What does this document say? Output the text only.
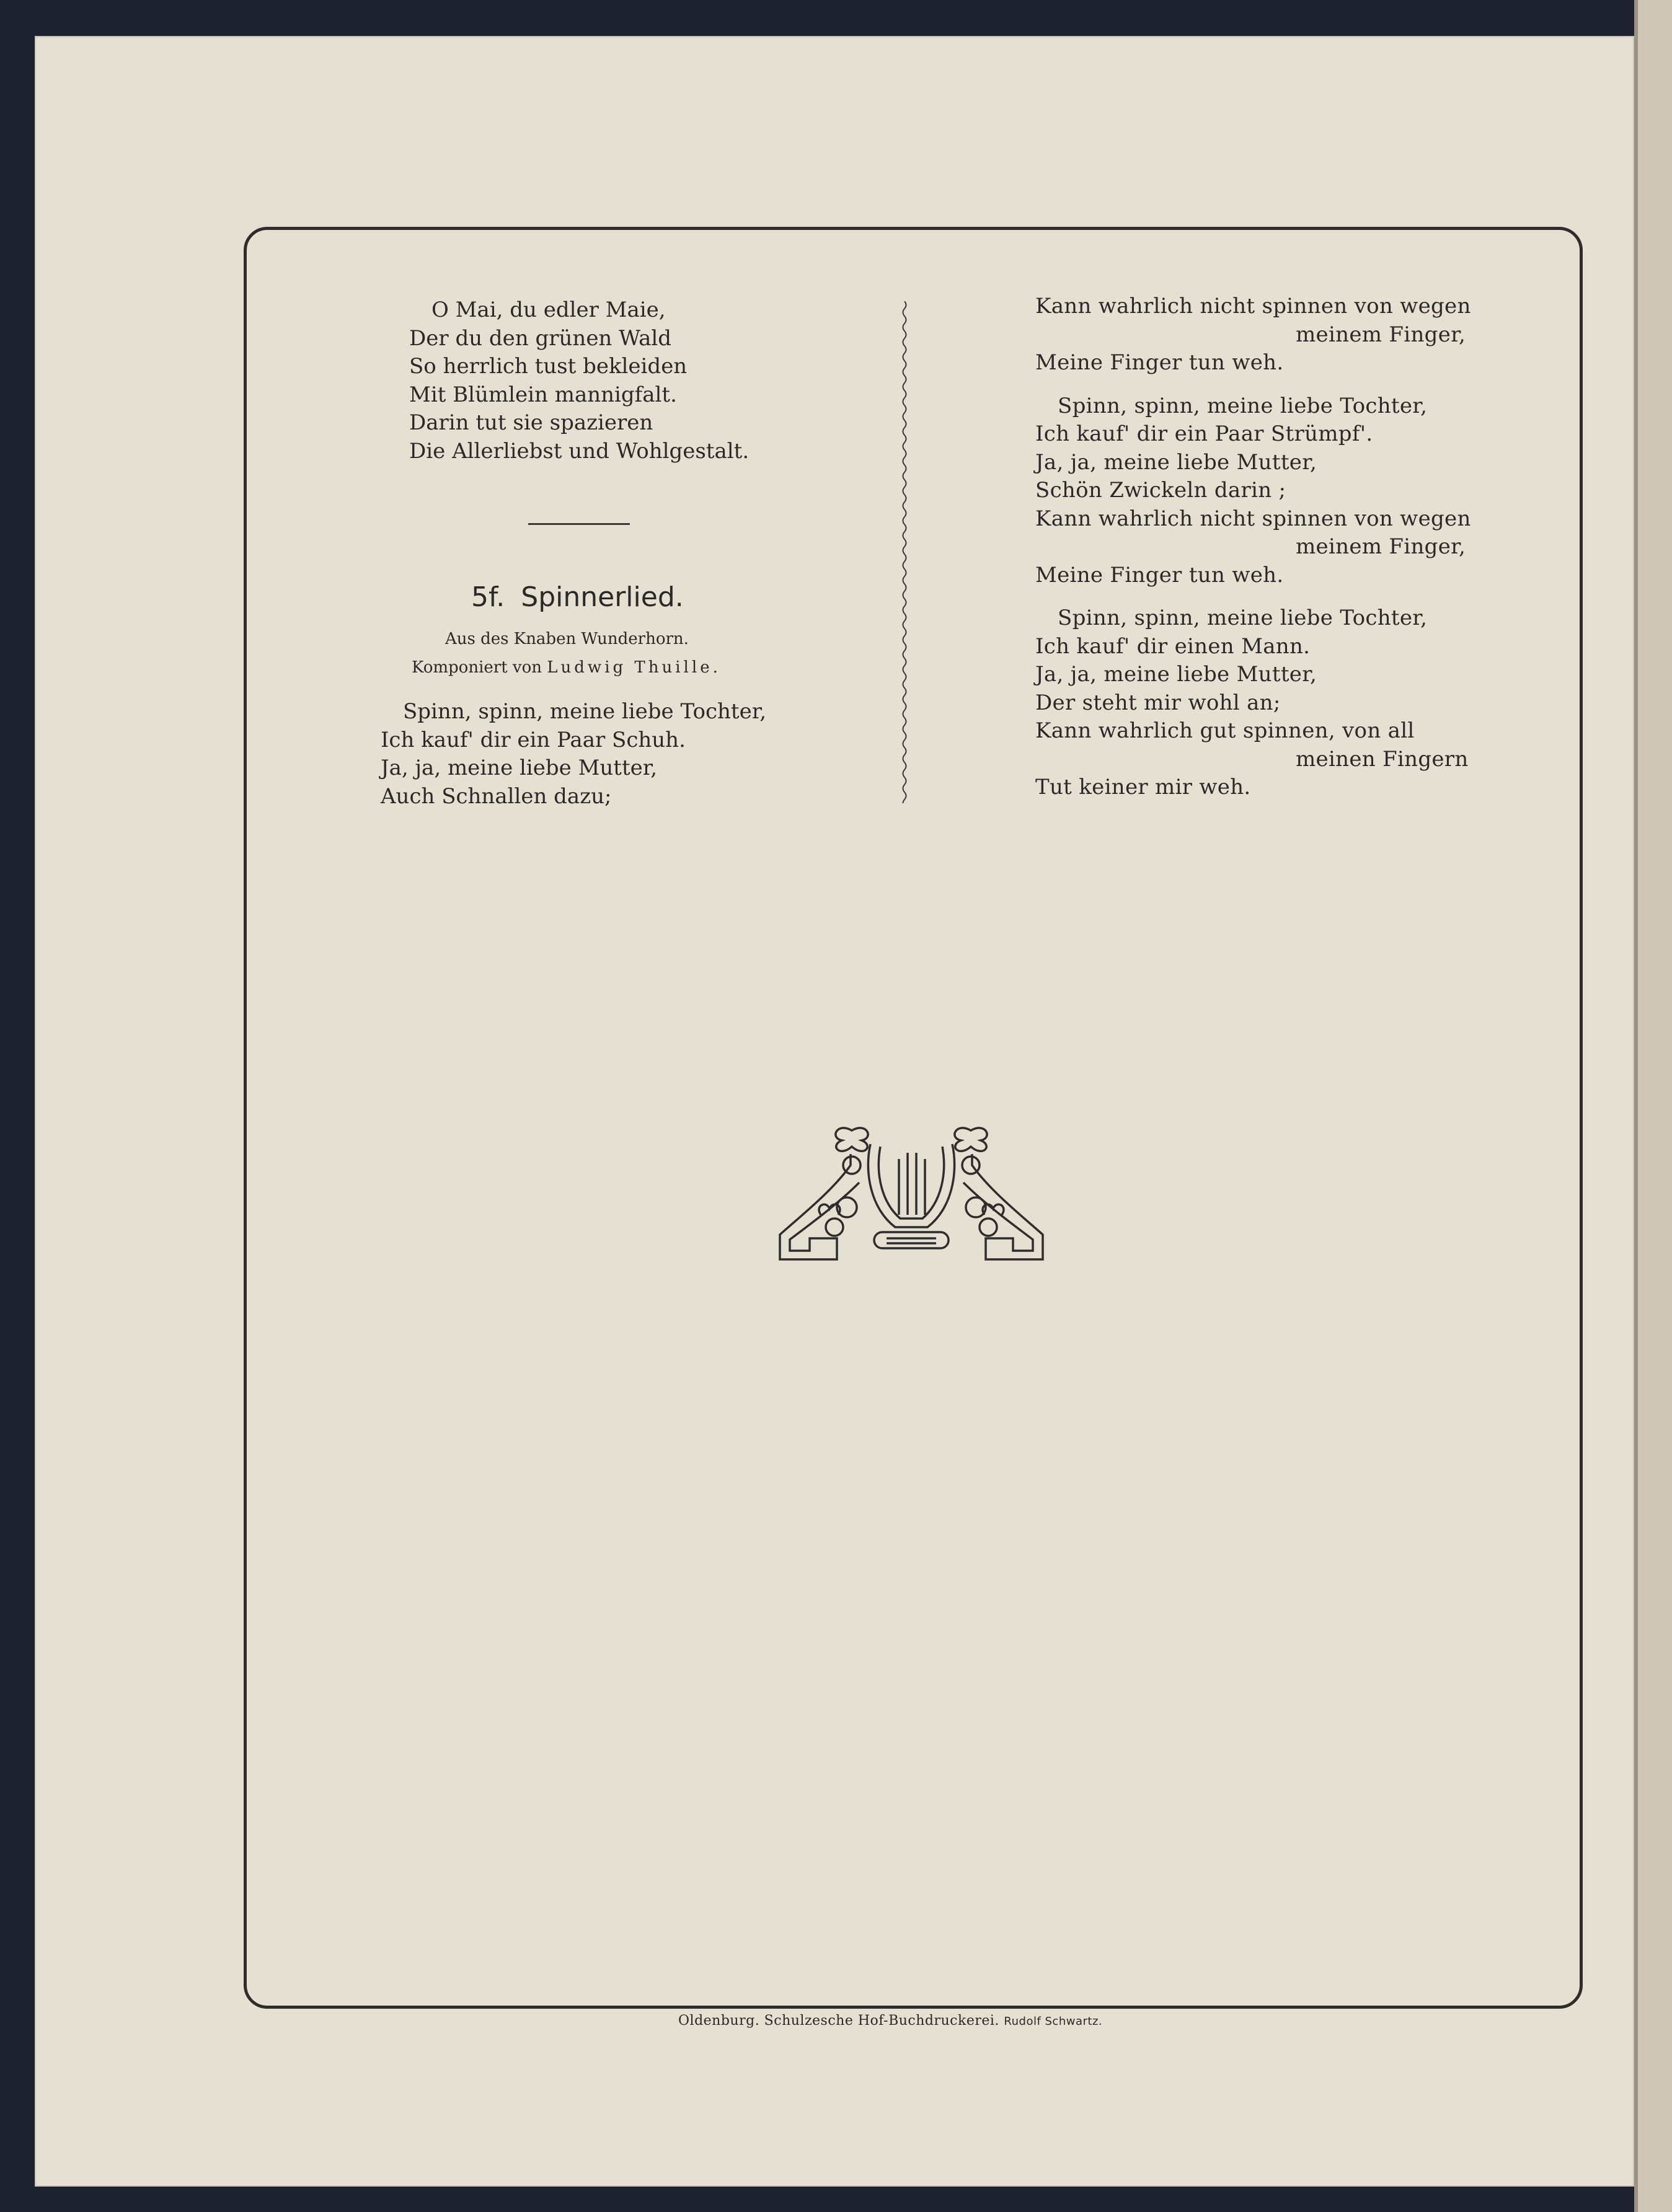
O Mai, du edler Maie,
Der du den grünen Wald
So herrlich tust bekleiden
Mit Blümlein mannigfalt.
Darin tut sie spazieren
Die Allerliebst und Wohlgestalt.
5f. Spinnerlied.
Aus des Knaben Wunderhorn.
Komponiert von Ludwig Thuille.
Spinn, spinn, meine liebe Tochter,
Ich kauf' dir ein Paar Schuh.
Ja, ja, meine liebe Mutter,
Auch Schnallen dazu;
Kann wahrlich nicht spinnen von wegen
meinem Finger,
Meine Finger tun weh.
Spinn, spinn, meine liebe Tochter,
Ich kauf' dir ein Paar Strümpf'.
Ja, ja, meine liebe Mutter,
Schön Zwickeln darin ;
Kann wahrlich nicht spinnen von wegen
meinem Finger,
Meine Finger tun weh.
Spinn, spinn, meine liebe Tochter,
Ich kauf' dir einen Mann.
Ja, ja, meine liebe Mutter,
Der steht mir wohl an;
Kann wahrlich gut spinnen, von all
meinen Fingern
Tut keiner mir weh.
Oldenburg. Schulzesche Hof-Buchdruckerei. Rudolf Schwartz.
